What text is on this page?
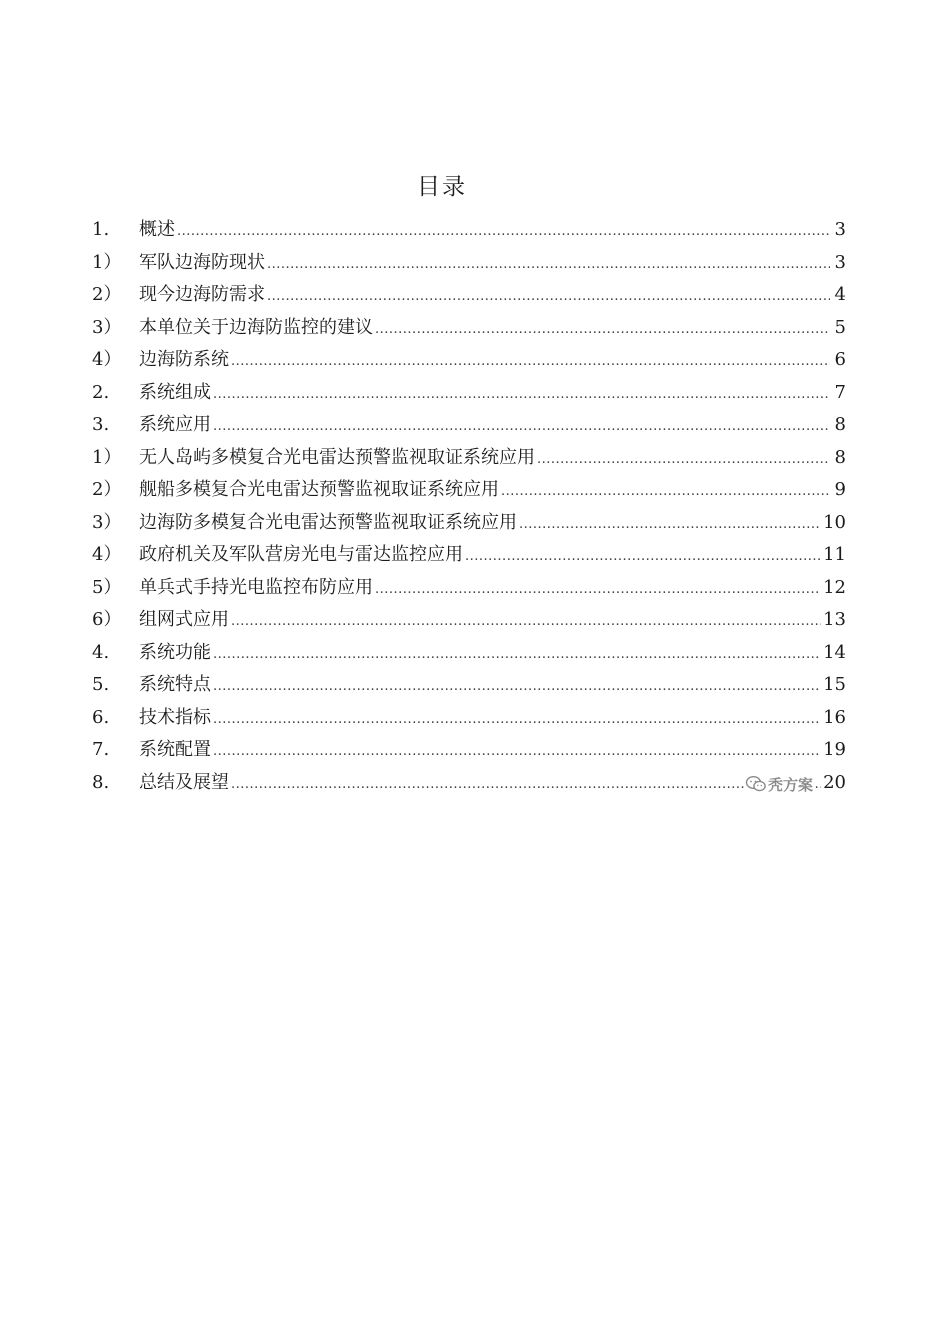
目录
1.	概述 .....	3
1） 军队边海防现状 .....	3
2） 现今边海防需求 .....	4
3） 本单位关于边海防监控的建议 .....	5
4） 边海防系统 .....	6
2.	系统组成 .....	7
3.	系统应用 .....	8
1） 无人岛屿多模复合光电雷达预警监视取证系统应用 .....	8
2） 舰船多模复合光电雷达预警监视取证系统应用 .....	9
3） 边海防多模复合光电雷达预警监视取证系统应用 .....	10
4） 政府机关及军队营房光电与雷达监控应用 .....	11
5） 单兵式手持光电监控布防应用 .....	12
6） 组网式应用 .....	13
4.	系统功能 .....	14
5.	系统特点 .....	15
6.	技术指标 .....	16
7.	系统配置 .....	19
8.	总结及展望 .....	20
秃方案
